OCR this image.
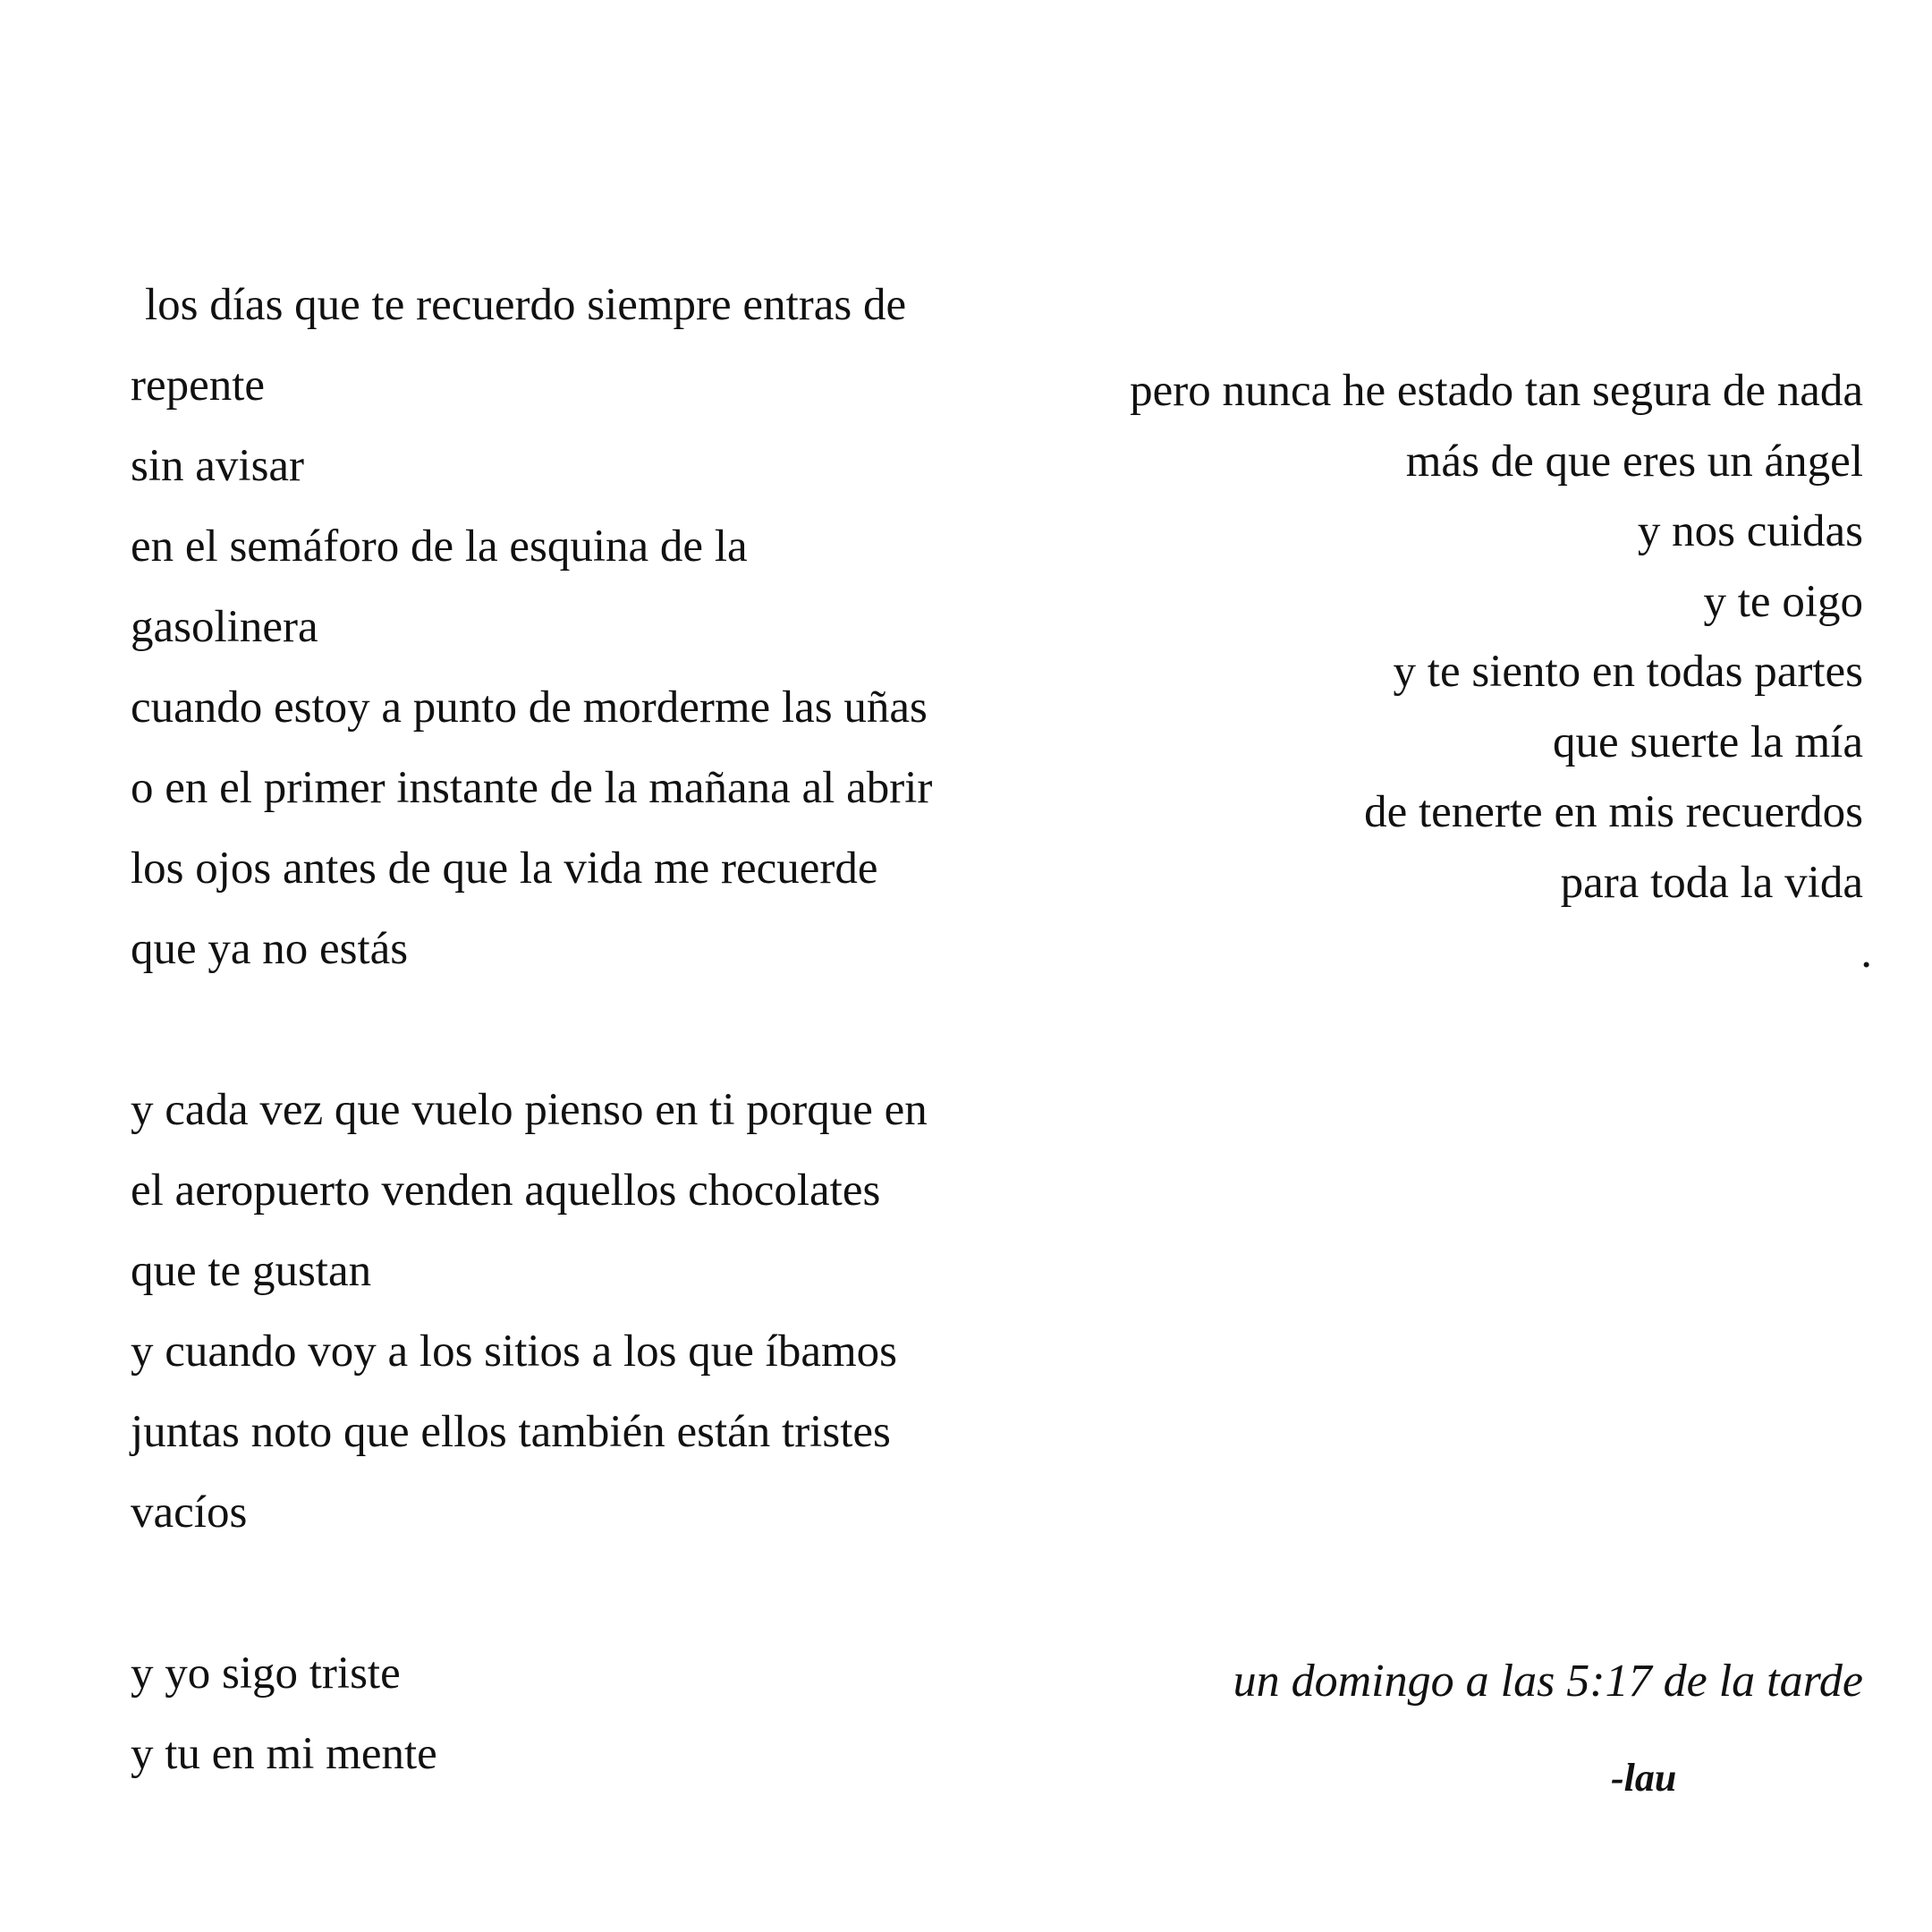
los días que te recuerdo siempre entras de
repente
sin avisar
en el semáforo de la esquina de la
gasolinera
cuando estoy a punto de morderme las uñas
o en el primer instante de la mañana al abrir
los ojos antes de que la vida me recuerde
que ya no estás
y cada vez que vuelo pienso en ti porque en
el aeropuerto venden aquellos chocolates
que te gustan
y cuando voy a los sitios a los que íbamos
juntas noto que ellos también están tristes
vacíos
y yo sigo triste
y tu en mi mente
pero nunca he estado tan segura de nada
más de que eres un ángel
y nos cuidas
y te oigo
y te siento en todas partes
que suerte la mía
de tenerte en mis recuerdos
para toda la vida
.
un domingo a las 5:17 de la tarde
-lau
